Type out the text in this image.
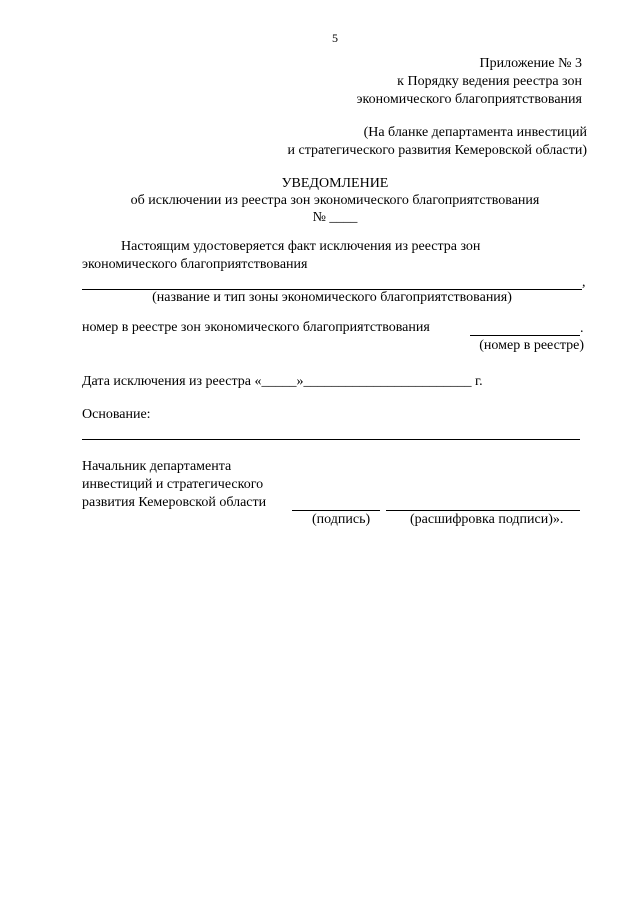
5
Приложение № 3
к Порядку ведения реестра зон
экономического благоприятствования
(На бланке департамента инвестиций
и стратегического развития Кемеровской области)
УВЕДОМЛЕНИЕ
об исключении из реестра зон экономического благоприятствования
№ ____
Настоящим удостоверяется факт исключения из реестра зон
экономического благоприятствования
,
(название и тип зоны экономического благоприятствования)
номер в реестре зон экономического благоприятствования	.
(номер в реестре)
Дата исключения из реестра «_____»________________________ г.
Основание:
Начальник департамента
инвестиций и стратегического
развития Кемеровской области
(подпись)	(расшифровка подписи)».
